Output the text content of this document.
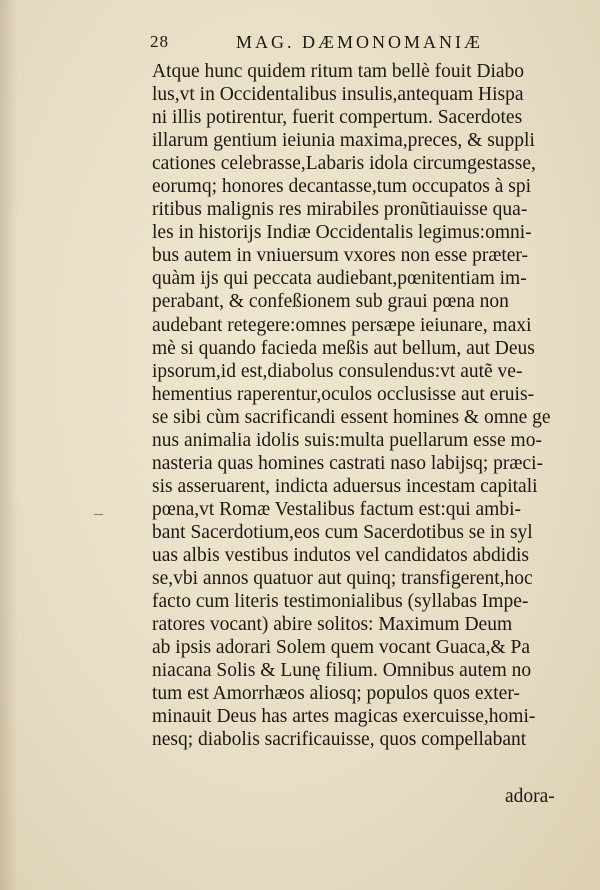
28	MAG. DÆMONOMANIÆ
–
Atque hunc quidem ritum tam bellè fouit Diabo
lus,vt in Occidentalibus insulis,antequam Hispa
ni illis potirentur, fuerit compertum. Sacerdotes
illarum gentium ieiunia maxima,preces, & suppli
cationes celebrasse,Labaris idola circumgestasse,
eorumq; honores decantasse,tum occupatos à spi
ritibus malignis res mirabiles pronũtiauisse qua-
les in historijs Indiæ Occidentalis legimus:omni-
bus autem in vniuersum vxores non esse præter-
quàm ijs qui peccata audiebant,pœnitentiam im-
perabant, & confeßionem sub graui pœna non
audebant retegere:omnes persæpe ieiunare, maxi
mè si quando facieda meßis aut bellum, aut Deus
ipsorum,id est,diabolus consulendus:vt autẽ ve-
hementius raperentur,oculos occlusisse aut eruis-
se sibi cùm sacrificandi essent homines & omne ge
nus animalia idolis suis:multa puellarum esse mo-
nasteria quas homines castrati naso labijsq; præci-
sis asseruarent, indicta aduersus incestam capitali
pœna,vt Romæ Vestalibus factum est:qui ambi-
bant Sacerdotium,eos cum Sacerdotibus se in syl
uas albis vestibus indutos vel candidatos abdidis
se,vbi annos quatuor aut quinq; transfigerent,hoc
facto cum literis testimonialibus (syllabas Impe-
ratores vocant) abire solitos: Maximum Deum
ab ipsis adorari Solem quem vocant Guaca,& Pa
niacana Solis & Lunę filium. Omnibus autem no
tum est Amorrhæos aliosq; populos quos exter-
minauit Deus has artes magicas exercuisse,homi-
nesq; diabolis sacrificauisse, quos compellabant
adora-
